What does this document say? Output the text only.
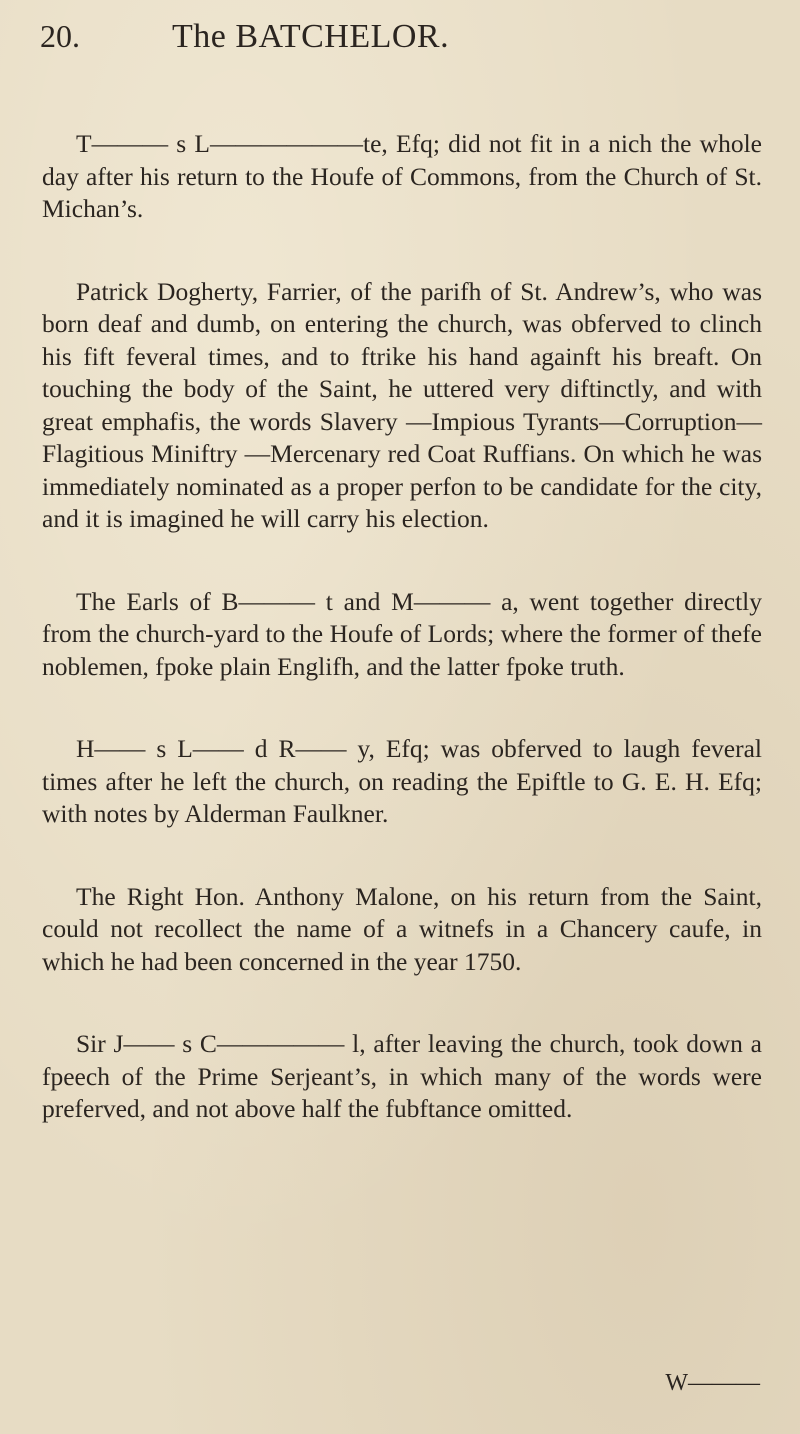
20.	The BATCHELOR.

T——— s L——————te, Efq; did not fit in a nich the whole day after his return to the Houfe of Commons, from the Church of St. Michan’s.

Patrick Dogherty, Farrier, of the parifh of St. Andrew’s, who was born deaf and dumb, on entering the church, was obferved to clinch his fift feveral times, and to ftrike his hand againft his breaft. On touching the body of the Saint, he uttered very diftinctly, and with great emphafis, the words Slavery —Impious Tyrants—Corruption—Flagitious Miniftry —Mercenary red Coat Ruffians. On which he was immediately nominated as a proper perfon to be candidate for the city, and it is imagined he will carry his election.

The Earls of B——— t and M——— a, went together directly from the church-yard to the Houfe of Lords; where the former of thefe noblemen, fpoke plain Englifh, and the latter fpoke truth.

H—— s L—— d R—— y, Efq; was obferved to laugh feveral times after he left the church, on reading the Epiftle to G. E. H. Efq; with notes by Alderman Faulkner.

The Right Hon. Anthony Malone, on his return from the Saint, could not recollect the name of a witnefs in a Chancery caufe, in which he had been concerned in the year 1750.

Sir J—— s C————— l, after leaving the church, took down a fpeech of the Prime Serjeant’s, in which many of the words were preferved, and not above half the fubftance omitted.

W———
